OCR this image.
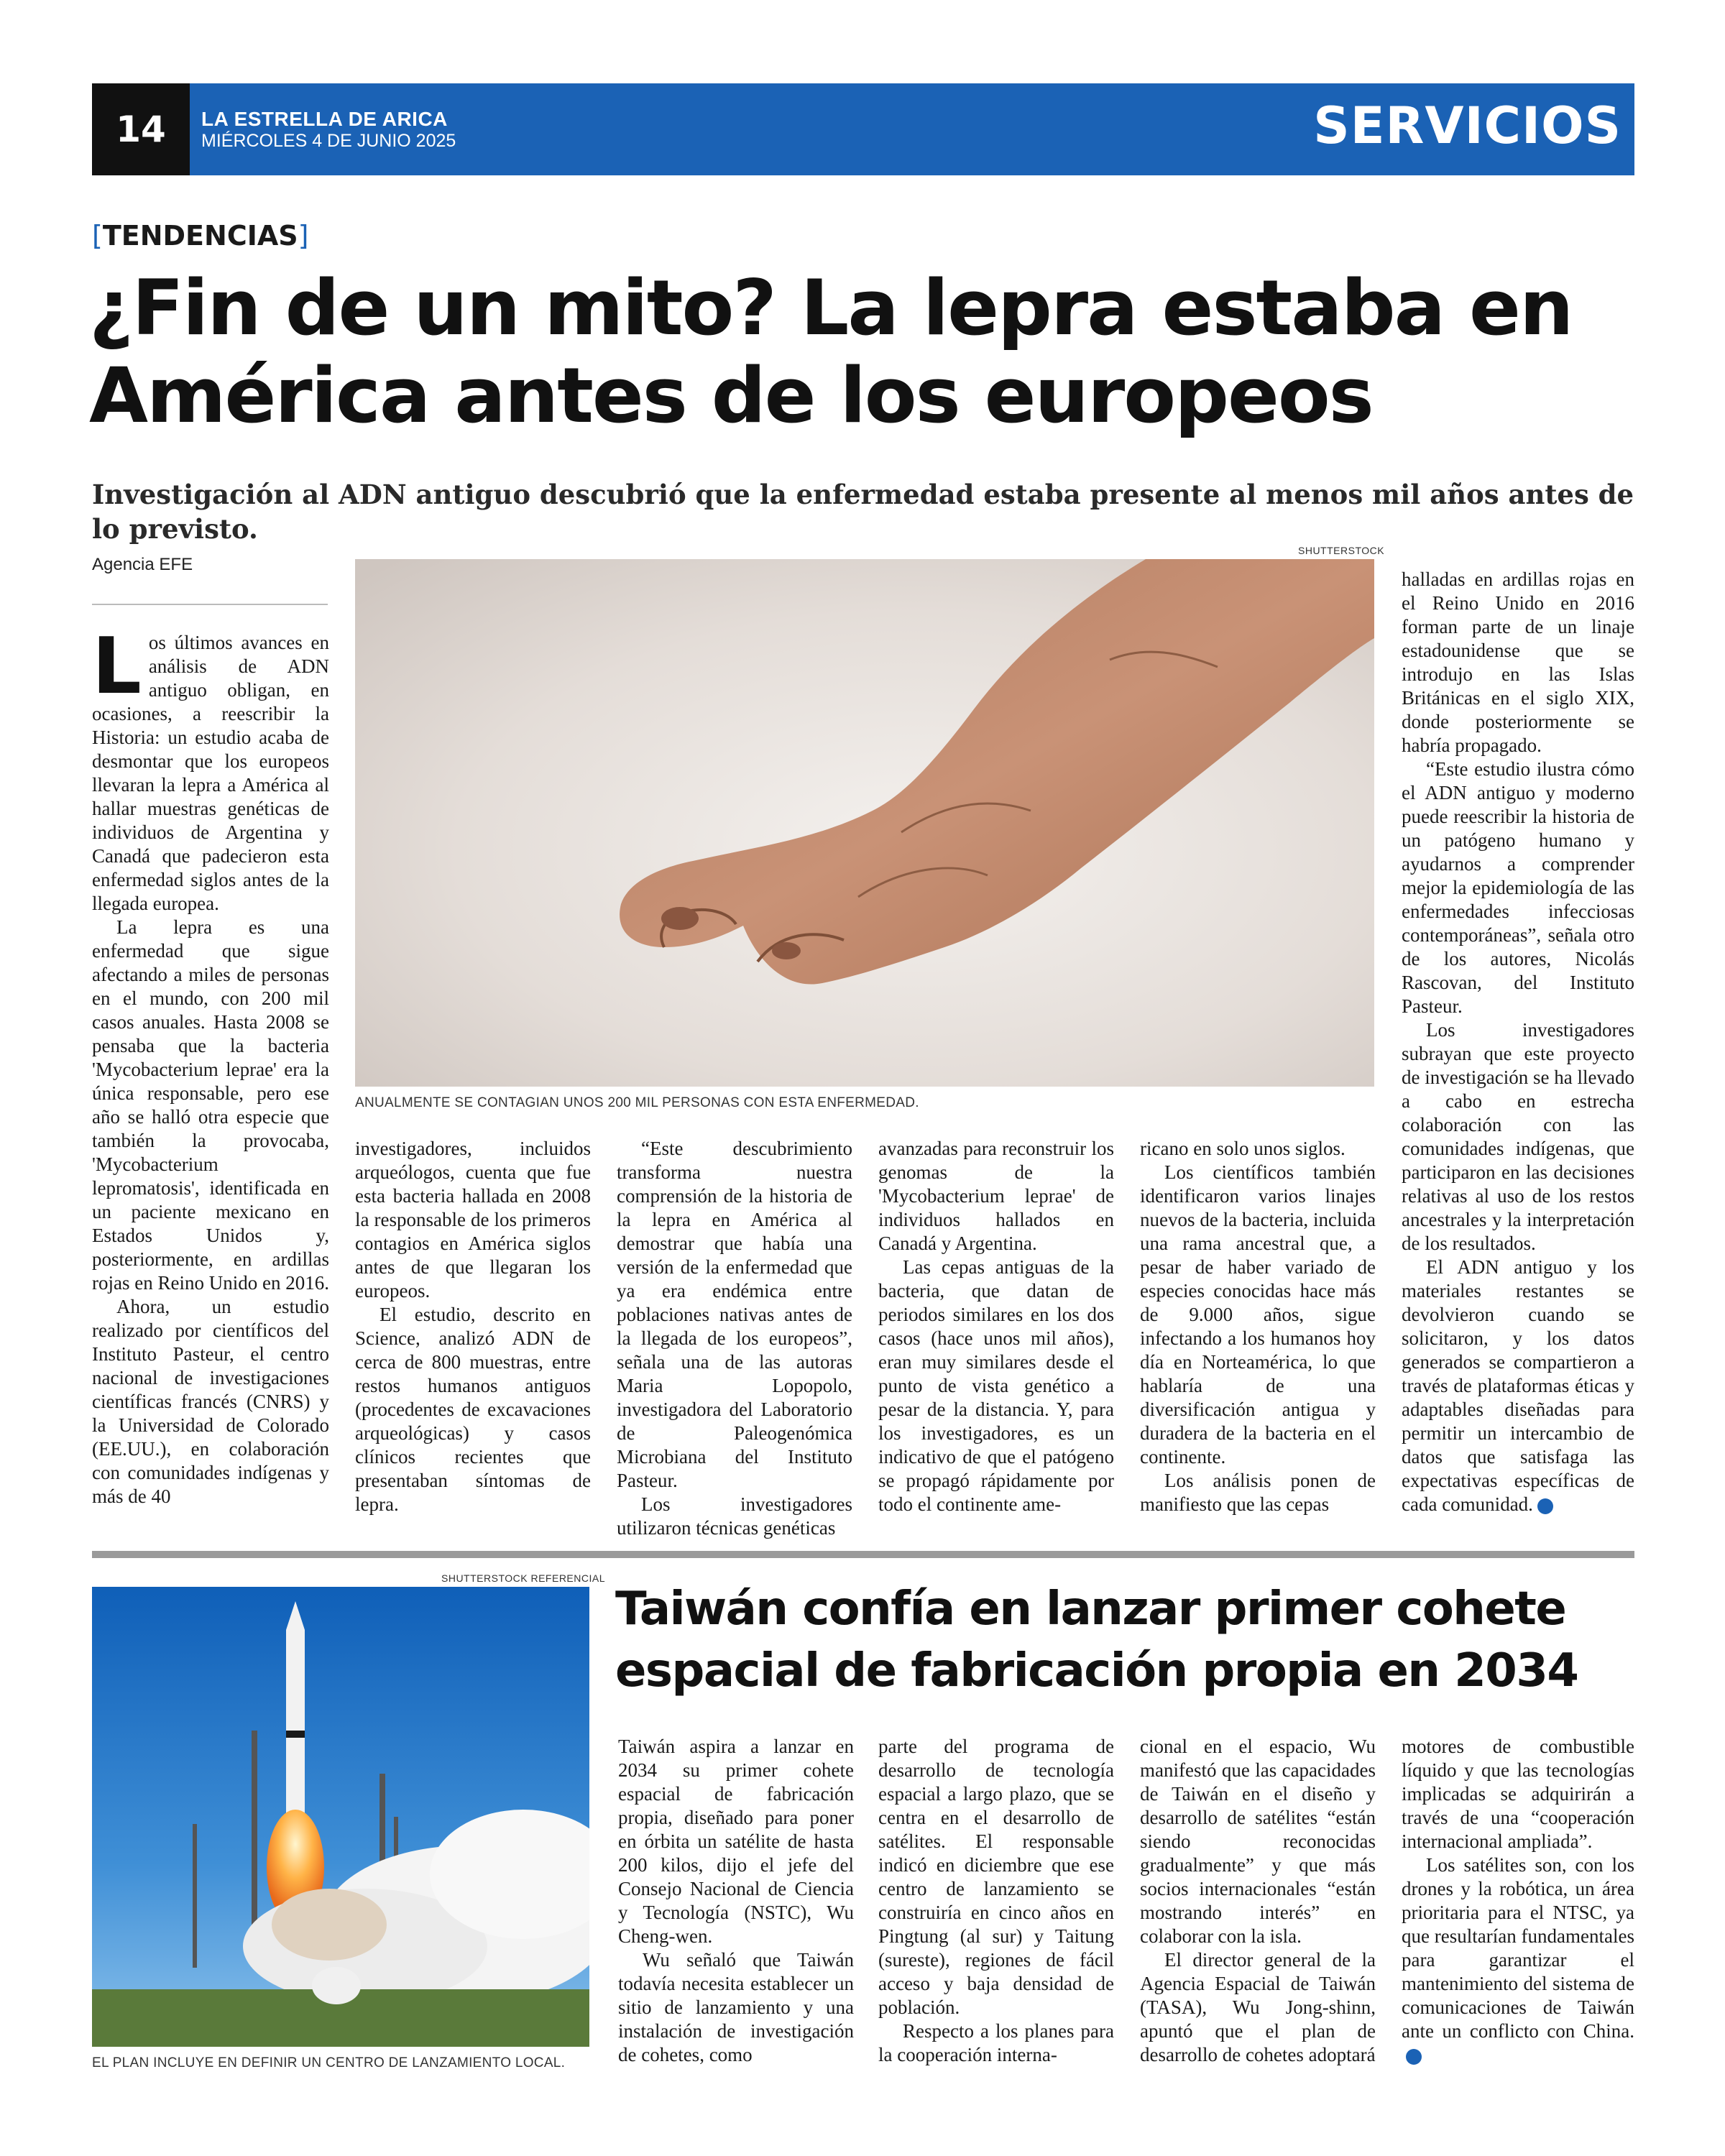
14	LA ESTRELLA DE ARICA
MIÉRCOLES 4 DE JUNIO 2025	SERVICIOS
[TENDENCIAS]
¿Fin de un mito? La lepra estaba en
América antes de los europeos
Investigación al ADN antiguo descubrió que la enfermedad estaba presente al menos mil años antes de lo previsto.
Agencia EFE
SHUTTERSTOCK
ANUALMENTE SE CONTAGIAN UNOS 200 MIL PERSONAS CON ESTA ENFERMEDAD.

Los últimos avances en análisis de ADN antiguo obligan, en ocasiones, a reescribir la Historia: un estudio acaba de desmontar que los europeos llevaran la lepra a América al hallar muestras genéticas de individuos de Argentina y Canadá que padecieron esta enfermedad siglos antes de la llegada europea.

La lepra es una enfermedad que sigue afectando a miles de personas en el mundo, con 200 mil casos anuales. Hasta 2008 se pensaba que la bacteria 'Mycobacterium leprae' era la única responsable, pero ese año se halló otra especie que también la provocaba, 'Mycobacterium lepromatosis', identificada en un paciente mexicano en Estados Unidos y, posteriormente, en ardillas rojas en Reino Unido en 2016.

Ahora, un estudio realizado por científicos del Instituto Pasteur, el centro nacional de investigaciones científicas francés (CNRS) y la Universidad de Colorado (EE.UU.), en colaboración con comunidades indígenas y más de 40

investigadores, incluidos arqueólogos, cuenta que fue esta bacteria hallada en 2008 la responsable de los primeros contagios en América siglos antes de que llegaran los europeos.

El estudio, descrito en Science, analizó ADN de cerca de 800 muestras, entre restos humanos antiguos (procedentes de excavaciones arqueológicas) y casos clínicos recientes que presentaban síntomas de lepra.

“Este descubrimiento transforma nuestra comprensión de la historia de la lepra en América al demostrar que había una versión de la enfermedad que ya era endémica entre poblaciones nativas antes de la llegada de los europeos”, señala una de las autoras Maria Lopopolo, investigadora del Laboratorio de Paleogenómica Microbiana del Instituto Pasteur.

Los investigadores utilizaron técnicas genéticas

avanzadas para reconstruir los genomas de la 'Mycobacterium leprae' de individuos hallados en Canadá y Argentina.

Las cepas antiguas de la bacteria, que datan de periodos similares en los dos casos (hace unos mil años), eran muy similares desde el punto de vista genético a pesar de la distancia. Y, para los investigadores, es un indicativo de que el patógeno se propagó rápidamente por todo el continente ame-

ricano en solo unos siglos.

Los científicos también identificaron varios linajes nuevos de la bacteria, incluida una rama ancestral que, a pesar de haber variado de especies conocidas hace más de 9.000 años, sigue infectando a los humanos hoy día en Norteamérica, lo que hablaría de una diversificación antigua y duradera de la bacteria en el continente.

Los análisis ponen de manifiesto que las cepas

halladas en ardillas rojas en el Reino Unido en 2016 forman parte de un linaje estadounidense que se introdujo en las Islas Británicas en el siglo XIX, donde posteriormente se habría propagado.

“Este estudio ilustra cómo el ADN antiguo y moderno puede reescribir la historia de un patógeno humano y ayudarnos a comprender mejor la epidemiología de las enfermedades infecciosas contemporáneas”, señala otro de los autores, Nicolás Rascovan, del Instituto Pasteur.

Los investigadores subrayan que este proyecto de investigación se ha llevado a cabo en estrecha colaboración con las comunidades indígenas, que participaron en las decisiones relativas al uso de los restos ancestrales y la interpretación de los resultados.

El ADN antiguo y los materiales restantes se devolvieron cuando se solicitaron, y los datos generados se compartieron a través de plataformas éticas y adaptables diseñadas para permitir un intercambio de datos que satisfaga las expectativas específicas de cada comunidad.	✪

SHUTTERSTOCK REFERENCIAL
EL PLAN INCLUYE EN DEFINIR UN CENTRO DE LANZAMIENTO LOCAL.
Taiwán confía en lanzar primer cohete
espacial de fabricación propia en 2034

Taiwán aspira a lanzar en 2034 su primer cohete espacial de fabricación propia, diseñado para poner en órbita un satélite de hasta 200 kilos, dijo el jefe del Consejo Nacional de Ciencia y Tecnología (NSTC), Wu Cheng-wen.

Wu señaló que Taiwán todavía necesita establecer un sitio de lanzamiento y una instalación de investigación de cohetes, como

parte del programa de desarrollo de tecnología espacial a largo plazo, que se centra en el desarrollo de satélites. El responsable indicó en diciembre que ese centro de lanzamiento se construiría en cinco años en Pingtung (al sur) y Taitung (sureste), regiones de fácil acceso y baja densidad de población.

Respecto a los planes para la cooperación interna-

cional en el espacio, Wu manifestó que las capacidades de Taiwán en el diseño y desarrollo de satélites “están siendo reconocidas gradualmente” y que más socios internacionales “están mostrando interés” en colaborar con la isla.

El director general de la Agencia Espacial de Taiwán (TASA), Wu Jong-shinn, apuntó que el plan de desarrollo de cohetes adoptará

motores de combustible líquido y que las tecnologías implicadas se adquirirán a través de una “cooperación internacional ampliada”.

Los satélites son, con los drones y la robótica, un área prioritaria para el NTSC, ya que resultarían fundamentales para garantizar el mantenimiento del sistema de comunicaciones de Taiwán ante un conflicto con China.✪
